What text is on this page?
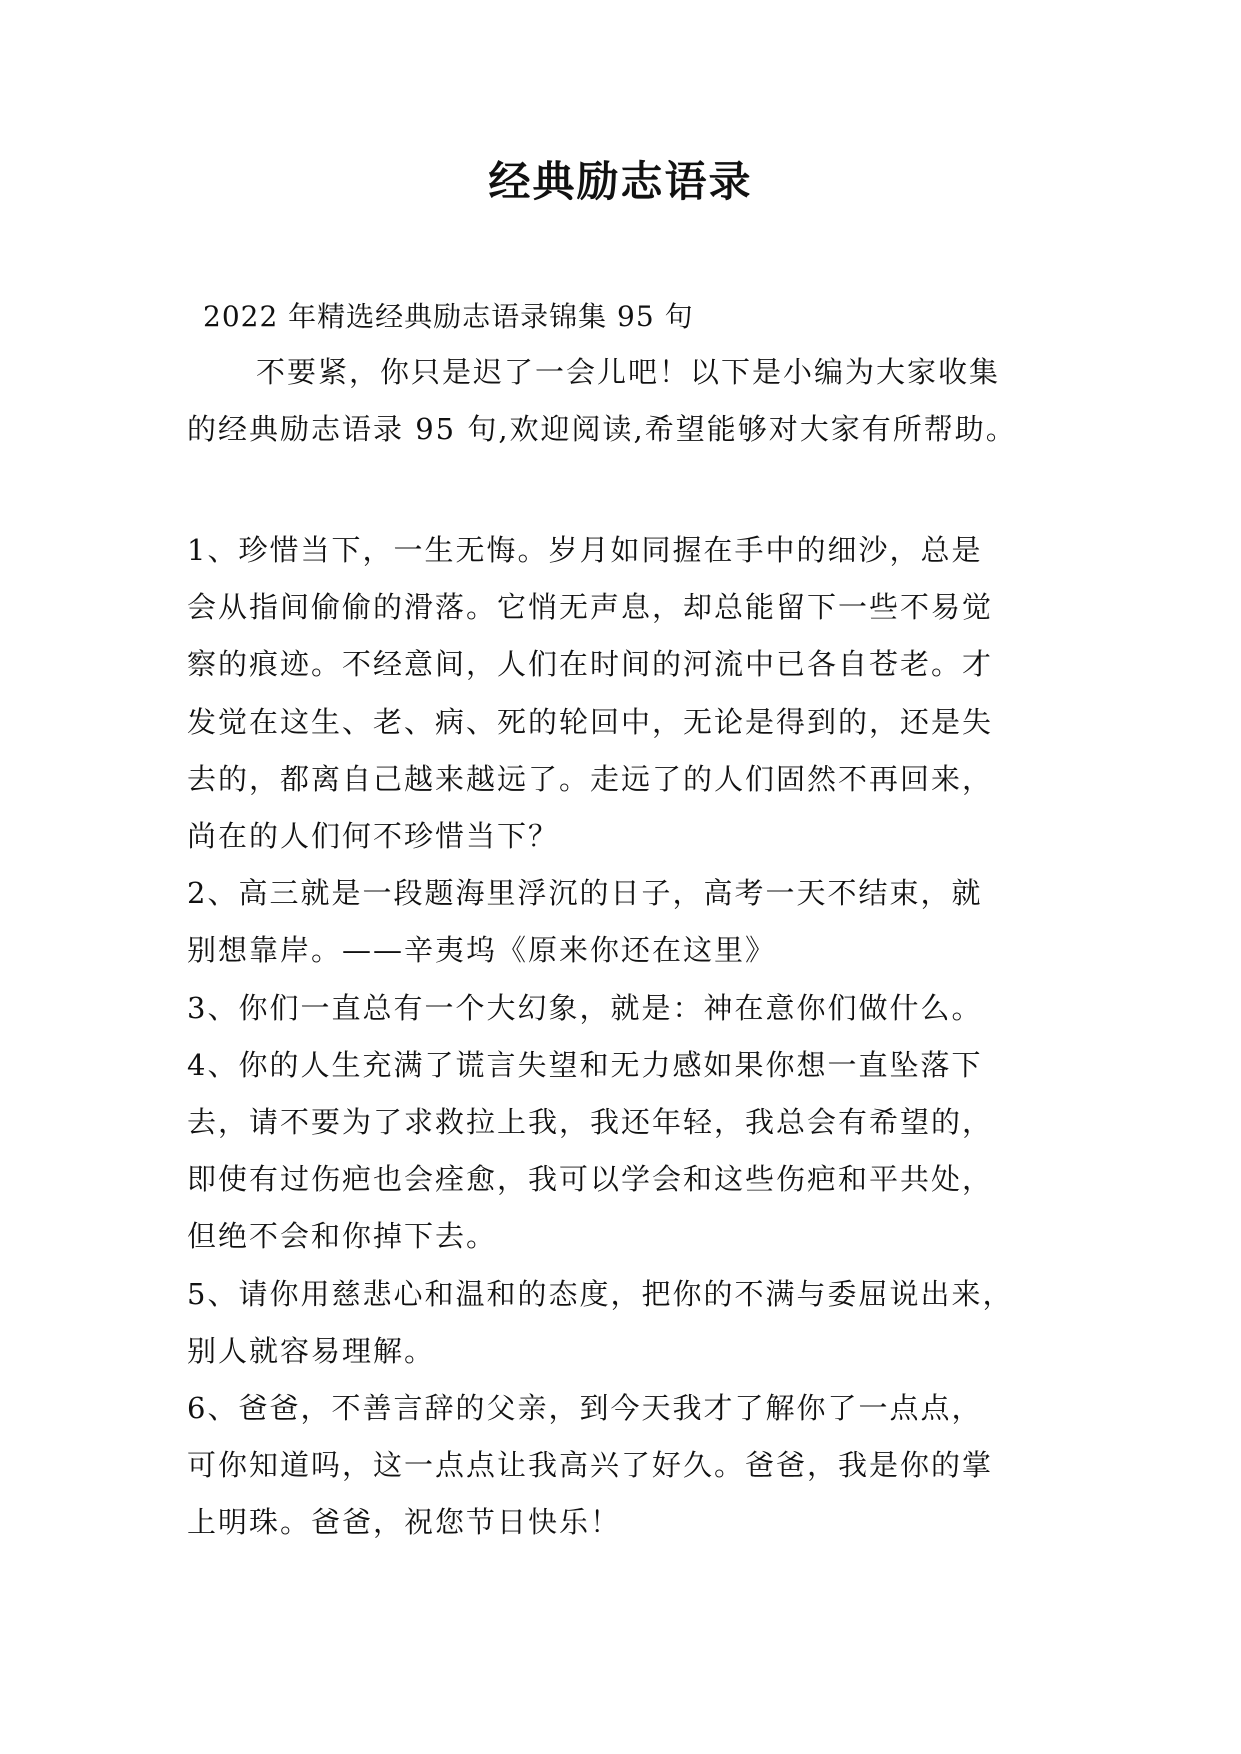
经典励志语录
2022 年精选经典励志语录锦集 95 句
不要紧，你只是迟了一会儿吧！以下是小编为大家收集
的经典励志语录 95 句,欢迎阅读,希望能够对大家有所帮助。

1、珍惜当下，一生无悔。岁月如同握在手中的细沙，总是
会从指间偷偷的滑落。它悄无声息，却总能留下一些不易觉
察的痕迹。不经意间，人们在时间的河流中已各自苍老。才
发觉在这生、老、病、死的轮回中，无论是得到的，还是失
去的，都离自己越来越远了。走远了的人们固然不再回来，
尚在的人们何不珍惜当下？

2、高三就是一段题海里浮沉的日子，高考一天不结束，就
别想靠岸。——辛夷坞《原来你还在这里》

3、你们一直总有一个大幻象，就是：神在意你们做什么。

4、你的人生充满了谎言失望和无力感如果你想一直坠落下
去，请不要为了求救拉上我，我还年轻，我总会有希望的，
即使有过伤疤也会痊愈，我可以学会和这些伤疤和平共处，
但绝不会和你掉下去。

5、请你用慈悲心和温和的态度，把你的不满与委屈说出来，
别人就容易理解。

6、爸爸，不善言辞的父亲，到今天我才了解你了一点点，
可你知道吗，这一点点让我高兴了好久。爸爸，我是你的掌
上明珠。爸爸，祝您节日快乐！
